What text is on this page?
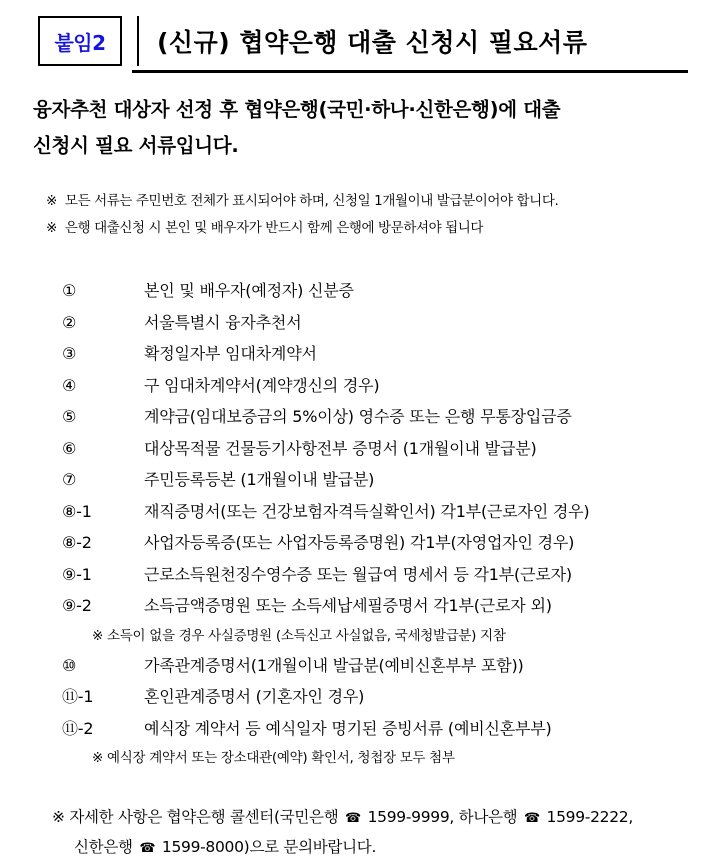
붙임2	(신규) 협약은행 대출 신청시 필요서류
융자추천 대상자 선정 후 협약은행(국민·하나·신한은행)에 대출
신청시 필요 서류입니다.
※ 모든 서류는 주민번호 전체가 표시되어야 하며, 신청일 1개월이내 발급분이어야 합니다.
※ 은행 대출신청 시 본인 및 배우자가 반드시 함께 은행에 방문하셔야 됩니다
①	본인 및 배우자(예정자) 신분증
②	서울특별시 융자추천서
③	확정일자부 임대차계약서
④	구 임대차계약서(계약갱신의 경우)
⑤	계약금(임대보증금의 5%이상) 영수증 또는 은행 무통장입금증
⑥	대상목적물 건물등기사항전부 증명서 (1개월이내 발급분)
⑦	주민등록등본 (1개월이내 발급분)
⑧-1	재직증명서(또는 건강보험자격득실확인서) 각1부(근로자인 경우)
⑧-2	사업자등록증(또는 사업자등록증명원) 각1부(자영업자인 경우)
⑨-1	근로소득원천징수영수증 또는 월급여 명세서 등 각1부(근로자)
⑨-2	소득금액증명원 또는 소득세납세필증명서 각1부(근로자 외)
※ 소득이 없을 경우 사실증명원 (소득신고 사실없음, 국세청발급분) 지참
⑩	가족관계증명서(1개월이내 발급분(예비신혼부부 포함))
⑪-1	혼인관계증명서 (기혼자인 경우)
⑪-2	예식장 계약서 등 예식일자 명기된 증빙서류 (예비신혼부부)
※ 예식장 계약서 또는 장소대관(예약) 확인서, 청첩장 모두 첨부
※ 자세한 사항은 협약은행 콜센터(국민은행 ☎ 1599-9999, 하나은행 ☎ 1599-2222,
신한은행 ☎ 1599-8000)으로 문의바랍니다.
